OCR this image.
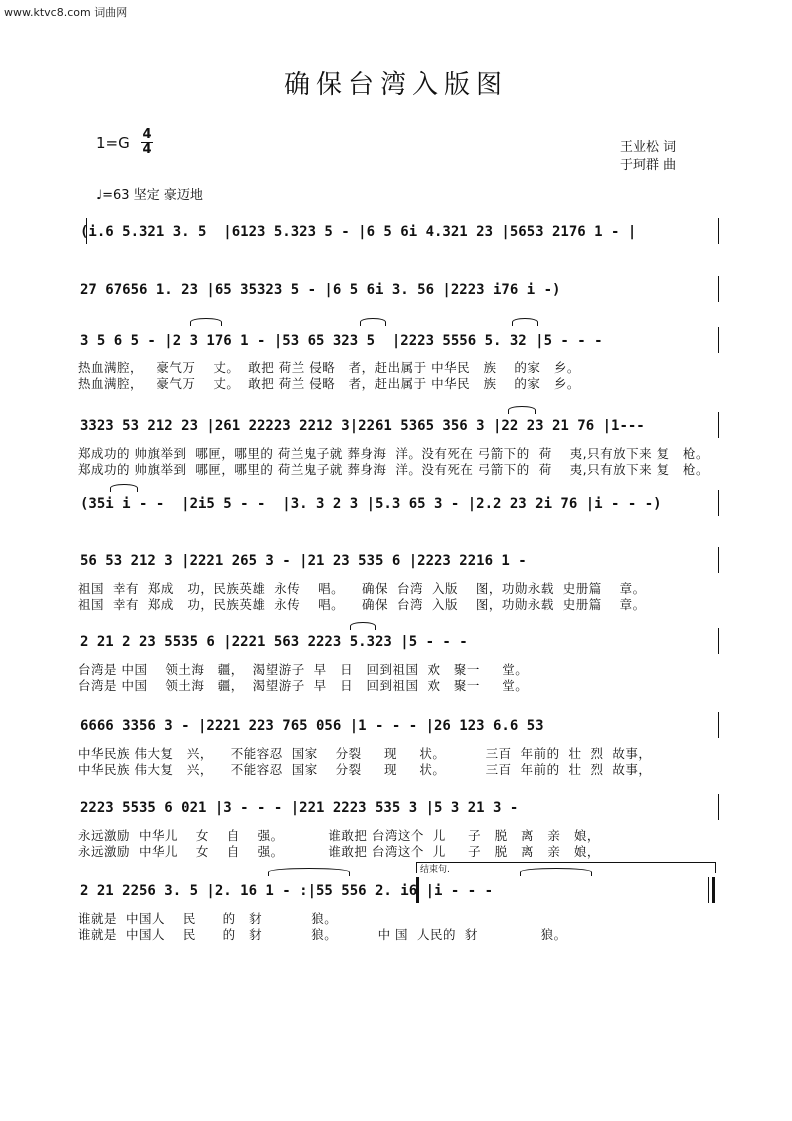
www.ktvc8.com 词曲网
确保台湾入版图
1=G 4
4	王业松 词
于珂群 曲
♩=63 坚定 豪迈地
(i.6 5.321 3. 5  |6123 5.323 5 - |6 5 6i 4.321 23 |5653 2176 1 - |
27 67656 1. 23 |65 35323 5 - |6 5 6i 3. 56 |2223 i76 i -)
3 5 6 5 - |2 3 176 1 - |53 65 323 5  |2223 5556 5. 32 |5 - - -
热血满腔，   豪气万    丈。  敢把 荷兰 侵略   者，赶出属于 中华民   族    的家   乡。
热血满腔，   豪气万    丈。  敢把 荷兰 侵略   者，赶出属于 中华民   族    的家   乡。
3323 53 212 23 |261 22223 2212 3|2261 5365 356 3 |22 23 21 76 |1---
郑成功的 帅旗举到  哪匣，哪里的 荷兰鬼子就 葬身海  洋。没有死在 弓箭下的  荷    夷,只有放下来 复   枪。
郑成功的 帅旗举到  哪匣，哪里的 荷兰鬼子就 葬身海  洋。没有死在 弓箭下的  荷    夷,只有放下来 复   枪。
(35i i - -  |2i5 5 - -  |3. 3 2 3 |5.3 65 3 - |2.2 23 2i 76 |i - - -)
56 53 212 3 |2221 265 3 - |21 23 535 6 |2223 2216 1 -
祖国  幸有  郑成   功，民族英雄  永传    唱。    确保  台湾  入版    图，功勋永载  史册篇    章。
祖国  幸有  郑成   功，民族英雄  永传    唱。    确保  台湾  入版    图，功勋永载  史册篇    章。
2 21 2 23 5535 6 |2221 563 2223 5.323 |5 - - -
台湾是 中国    领土海   疆，  渴望游子  早   日   回到祖国  欢   聚一     堂。
台湾是 中国    领土海   疆，  渴望游子  早   日   回到祖国  欢   聚一     堂。
6666 3356 3 - |2221 223 765 056 |1 - - - |26 123 6.6 53
中华民族 伟大复   兴，    不能容忍  国家    分裂     现     状。         三百  年前的  壮  烈  故事，
中华民族 伟大复   兴，    不能容忍  国家    分裂     现     状。         三百  年前的  壮  烈  故事，
2223 5535 6 021 |3 - - - |221 2223 535 3 |5 3 21 3 -
永远激励  中华儿    女    自    强。          谁敢把 台湾这个  儿     子   脱   离   亲   娘，
永远激励  中华儿    女    自    强。          谁敢把 台湾这个  儿     子   脱   离   亲   娘，
结束句.
2 21 2256 3. 5 |2. 16 1 - :|55 556 2. i6 |i - - -
谁就是  中国人    民      的   豺           狼。
谁就是  中国人    民      的   豺           狼。         中 国  人民的  豺              狼。
